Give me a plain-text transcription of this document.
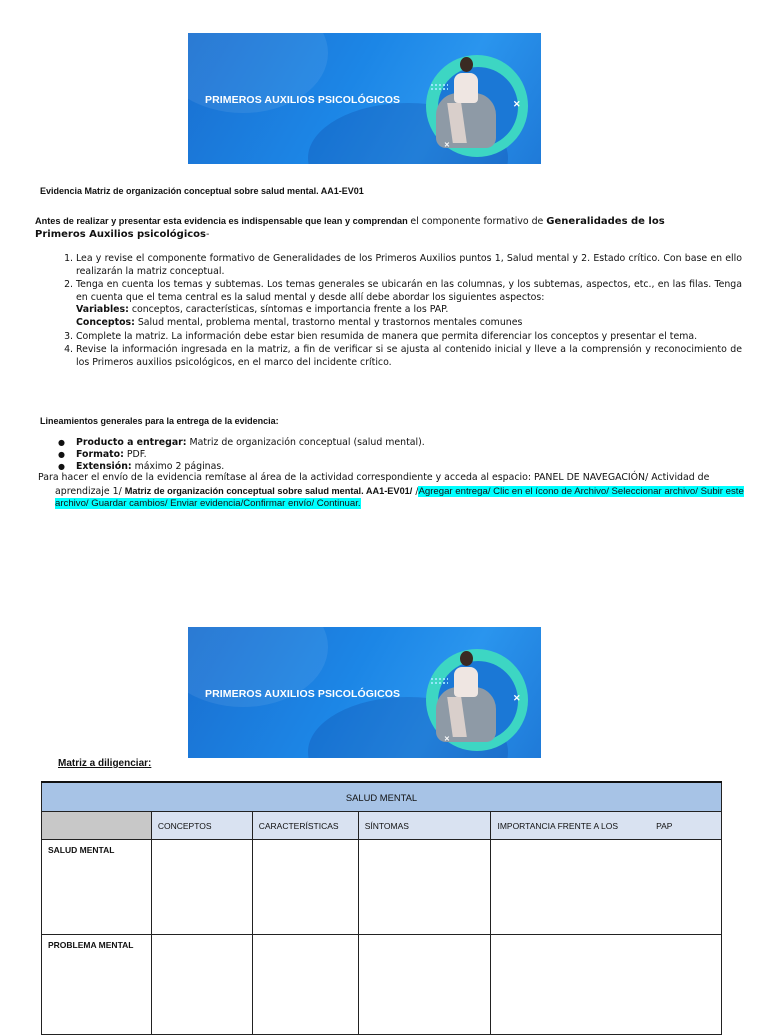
✕
✕
PRIMEROS AUXILIOS PSICOLÓGICOS
Evidencia Matriz de organización conceptual sobre salud mental. AA1-EV01
Antes de realizar y presentar esta evidencia es indispensable que lean y comprendan el componente formativo de Generalidades de los Primeros Auxilios psicológicos-
1. Lea y revise el componente formativo de Generalidades de los Primeros Auxilios puntos 1, Salud mental y 2. Estado crítico. Con base en ello realizarán la matriz conceptual.
2. Tenga en cuenta los temas y subtemas. Los temas generales se ubicarán en las columnas, y los subtemas, aspectos, etc., en las filas. Tenga en cuenta que el tema central es la salud mental y desde allí debe abordar los siguientes aspectos:
Variables: conceptos, características, síntomas e importancia frente a los PAP.
Conceptos: Salud mental, problema mental, trastorno mental y trastornos mentales comunes
3. Complete la matriz. La información debe estar bien resumida de manera que permita diferenciar los conceptos y presentar el tema.
4. Revise la información ingresada en la matriz, a fin de verificar si se ajusta al contenido inicial y lleve a la comprensión y reconocimiento de los Primeros auxilios psicológicos, en el marco del incidente crítico.
Lineamientos generales para la entrega de la evidencia:
● Producto a entregar: Matriz de organización conceptual (salud mental).
● Formato: PDF.
● Extensión: máximo 2 páginas.
Para hacer el envío de la evidencia remítase al área de la actividad correspondiente y acceda al espacio: PANEL DE NAVEGACIÓN/ Actividad de aprendizaje 1/ Matriz de organización conceptual sobre salud mental. AA1-EV01/ /Agregar entrega/ Clic en el ícono de Archivo/ Seleccionar archivo/ Subir este archivo/ Guardar cambios/ Enviar evidencia/Confirmar envío/ Continuar.
✕
✕
PRIMEROS AUXILIOS PSICOLÓGICOS
Matriz a diligenciar:
SALUD MENTAL				
	CONCEPTOS	CARACTERÍSTICAS	SÍNTOMAS	IMPORTANCIA FRENTE A LOS PAP
SALUD MENTAL				
PROBLEMA MENTAL				
